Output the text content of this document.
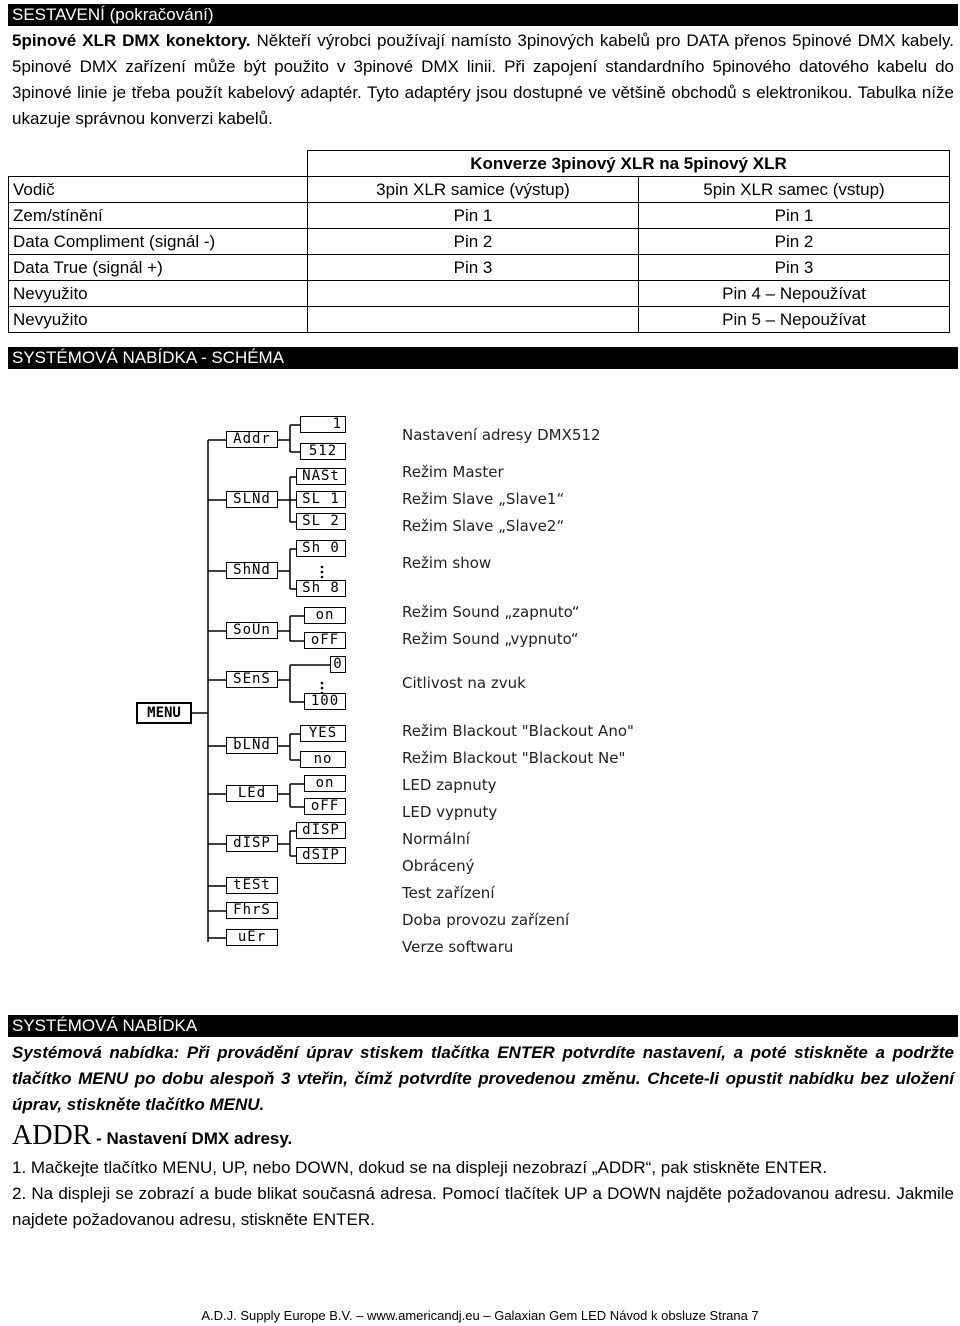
SESTAVENÍ (pokračování)
5pinové XLR DMX konektory. Někteří výrobci používají namísto 3pinových kabelů pro DATA přenos 5pinové DMX kabely. 5pinové DMX zařízení může být použito v 3pinové DMX linii. Při zapojení standardního 5pinového datového kabelu do 3pinové linie je třeba použít kabelový adaptér. Tyto adaptéry jsou dostupné ve většině obchodů s elektronikou. Tabulka níže ukazuje správnou konverzi kabelů.
	Konverze 3pinový XLR na 5pinový XLR	
Vodič	3pin XLR samice (výstup)	5pin XLR samec (vstup)
Zem/stínění	Pin 1	Pin 1
Data Compliment (signál -)	Pin 2	Pin 2
Data True (signál +)	Pin 3	Pin 3
Nevyužito		Pin 4 – Nepoužívat
Nevyužito		Pin 5 – Nepoužívat
SYSTÉMOVÁ NABÍDKA - SCHÉMA
MENU
Addr
SLNd
ShNd
SoUn
SEnS
bLNd
LEd
dISP
tESt
FhrS
uEr
1
512
NASt
SL 1
SL 2
Sh 0
Sh 8
on
oFF
0
100
YES
no
on
oFF
dISP
dSIP
Nastavení adresy DMX512
Režim Master
Režim Slave „Slave1“
Režim Slave „Slave2“
Režim show
Režim Sound „zapnuto“
Režim Sound „vypnuto“
Citlivost na zvuk
Režim Blackout "Blackout Ano"
Režim Blackout "Blackout Ne"
LED zapnuty
LED vypnuty
Normální
Obrácený
Test zařízení
Doba provozu zařízení
Verze softwaru
SYSTÉMOVÁ NABÍDKA
Systémová nabídka: Při provádění úprav stiskem tlačítka ENTER potvrdíte nastavení, a poté stiskněte a podržte tlačítko MENU po dobu alespoň 3 vteřin, čímž potvrdíte provedenou změnu. Chcete-li opustit nabídku bez uložení úprav, stiskněte tlačítko MENU.
ADDR - Nastavení DMX adresy.
1. Mačkejte tlačítko MENU, UP, nebo DOWN, dokud se na displeji nezobrazí „ADDR“, pak stiskněte ENTER.
2. Na displeji se zobrazí a bude blikat současná adresa. Pomocí tlačítek UP a DOWN najděte požadovanou adresu. Jakmile najdete požadovanou adresu, stiskněte ENTER.
A.D.J. Supply Europe B.V. – www.americandj.eu – Galaxian Gem LED Návod k obsluze Strana 7
